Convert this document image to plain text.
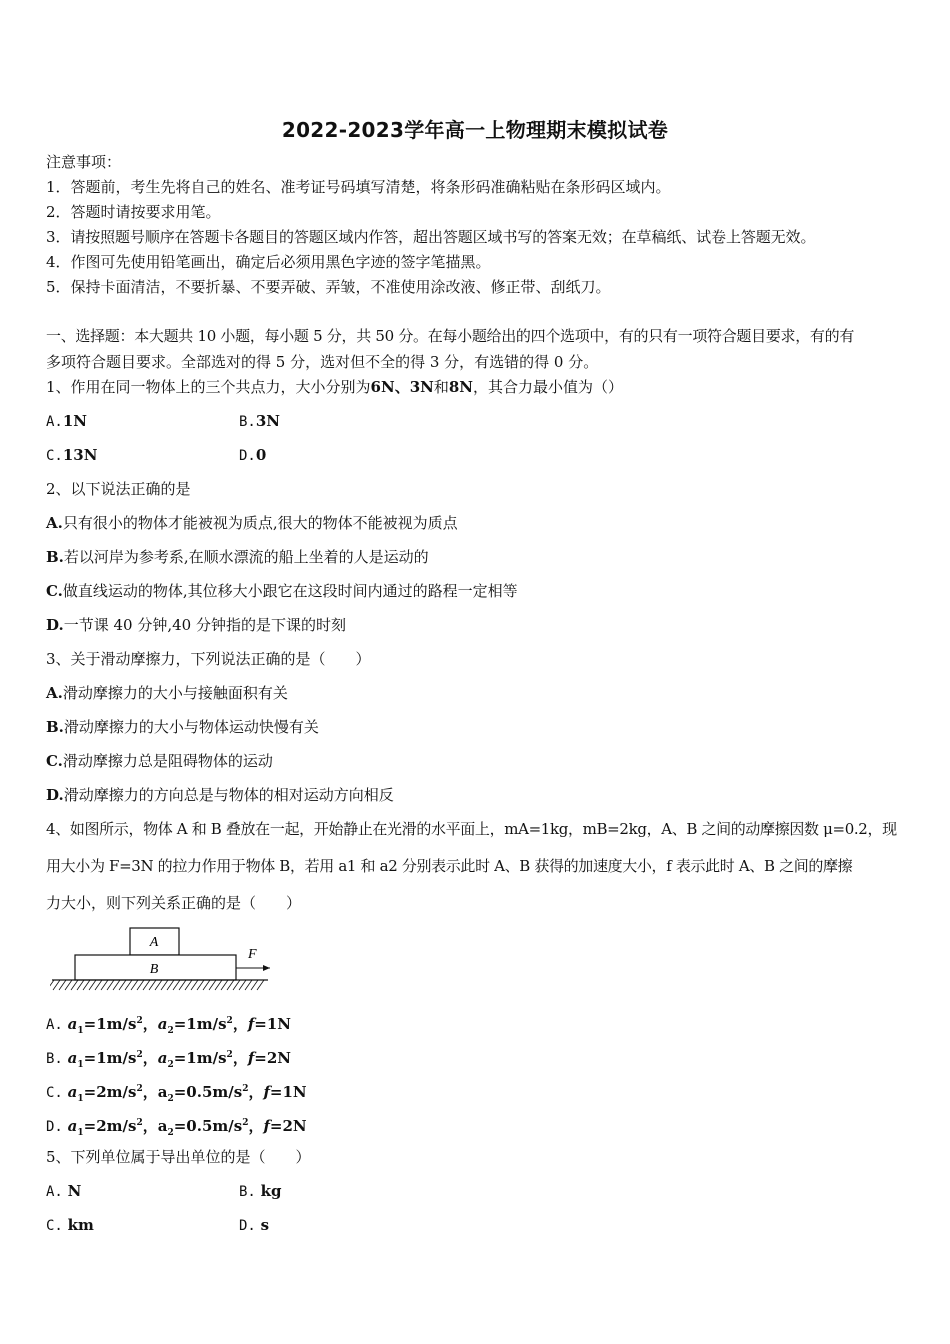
2022-2023学年高一上物理期末模拟试卷
注意事项：
1．答题前，考生先将自己的姓名、准考证号码填写清楚，将条形码准确粘贴在条形码区域内。
2．答题时请按要求用笔。
3．请按照题号顺序在答题卡各题目的答题区域内作答，超出答题区域书写的答案无效；在草稿纸、试卷上答题无效。
4．作图可先使用铅笔画出，确定后必须用黑色字迹的签字笔描黑。
5．保持卡面清洁，不要折暴、不要弄破、弄皱，不准使用涂改液、修正带、刮纸刀。
一、选择题：本大题共 10 小题，每小题 5 分，共 50 分。在每小题给出的四个选项中，有的只有一项符合题目要求，有的有
多项符合题目要求。全部选对的得 5 分，选对但不全的得 3 分，有选错的得 0 分。
1、作用在同一物体上的三个共点力，大小分别为6N、3N和8N，其合力最小值为（）
A.1N	B.3N
C.13N	D.0
2、以下说法正确的是
A.只有很小的物体才能被视为质点,很大的物体不能被视为质点
B.若以河岸为参考系,在顺水漂流的船上坐着的人是运动的
C.做直线运动的物体,其位移大小跟它在这段时间内通过的路程一定相等
D.一节课 40 分钟,40 分钟指的是下课的时刻
3、关于滑动摩擦力，下列说法正确的是（　　）
A.滑动摩擦力的大小与接触面积有关
B.滑动摩擦力的大小与物体运动快慢有关
C.滑动摩擦力总是阻碍物体的运动
D.滑动摩擦力的方向总是与物体的相对运动方向相反
4、如图所示，物体 A 和 B 叠放在一起，开始静止在光滑的水平面上，mA=1kg，mB=2kg，A、B 之间的动摩擦因数 μ=0.2，现
用大小为 F=3N 的拉力作用于物体 B，若用 a1 和 a2 分别表示此时 A、B 获得的加速度大小，f 表示此时 A、B 之间的摩擦
力大小，则下列关系正确的是（　　）
A
B
F
A. $a_1=1m/s^2$，$a_2=1m/s^2$，f=1N
B. $a_1=1m/s^2$，$a_2=1m/s^2$，f=2N
C. $a_1=2m/s^2$，$a_2=0.5m/s^2$，f=1N
D. $a_1=2m/s^2$，$a_2=0.5m/s^2$，f=2N
5、下列单位属于导出单位的是（　　）
A. N	B. kg
C. km	D. s
